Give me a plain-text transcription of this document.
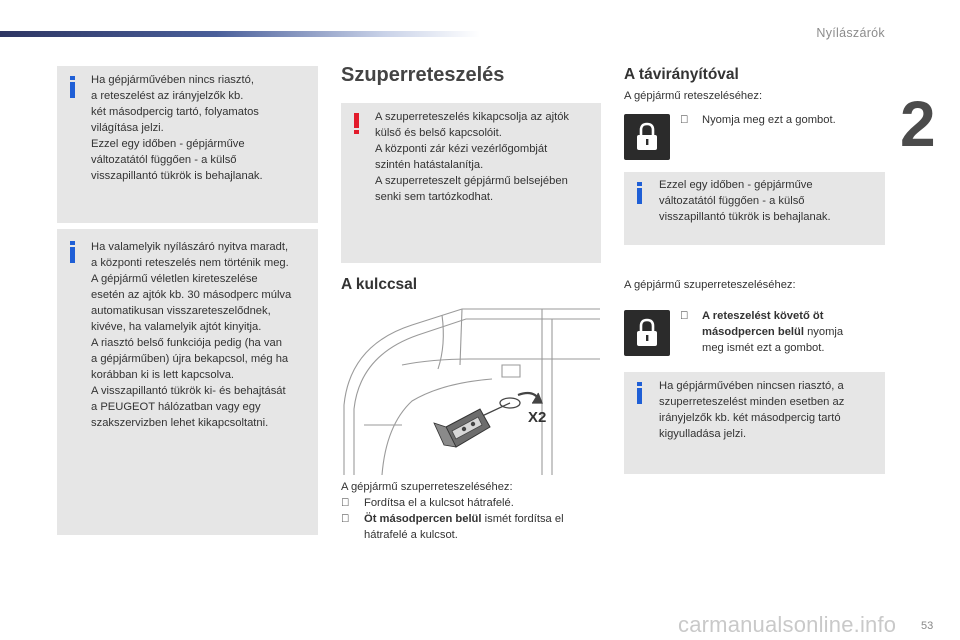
Nyílászárók
2

Ha gépjárművében nincs riasztó,

a reteszelést az irányjelzők kb.

két másodpercig tartó, folyamatos

világítása jelzi.

Ezzel egy időben - gépjárműve

változatától függően - a külső

visszapillantó tükrök is behajlanak.

Ha valamelyik nyílászáró nyitva maradt,

a központi reteszelés nem történik meg.

A gépjármű véletlen kireteszelése

esetén az ajtók kb. 30 másodperc múlva

automatikusan visszareteszelődnek,

kivéve, ha valamelyik ajtót kinyitja.

A riasztó belső funkciója pedig (ha van

a gépjárműben) újra bekapcsol, még ha

korábban ki is lett kapcsolva.

A visszapillantó tükrök ki- és behajtását

a PEUGEOT hálózatban vagy egy

szakszervizben lehet kikapcsoltatni.

Szuperreteszelés

A szuperreteszelés kikapcsolja az ajtók

külső és belső kapcsolóit.

A központi zár kézi vezérlőgombját

szintén hatástalanítja.

A szuperreteszelt gépjármű belsejében

senki sem tartózkodhat.

A kulccsal
X2
A gépjármű szuperreteszeléséhez:
Fordítsa el a kulcsot hátrafelé.
Öt másodpercen belül ismét fordítsa el
hátrafelé a kulcsot.
A távirányítóval
A gépjármű reteszeléséhez:
Nyomja meg ezt a gombot.

Ezzel egy időben - gépjárműve

változatától függően - a külső

visszapillantó tükrök is behajlanak.

A gépjármű szuperreteszeléséhez:
A reteszelést követő öt
másodpercen belül nyomja
meg ismét ezt a gombot.

Ha gépjárművében nincsen riasztó, a

szuperreteszelést minden esetben az

irányjelzők kb. két másodpercig tartó

kigyulladása jelzi.

carmanualsonline.info 53
